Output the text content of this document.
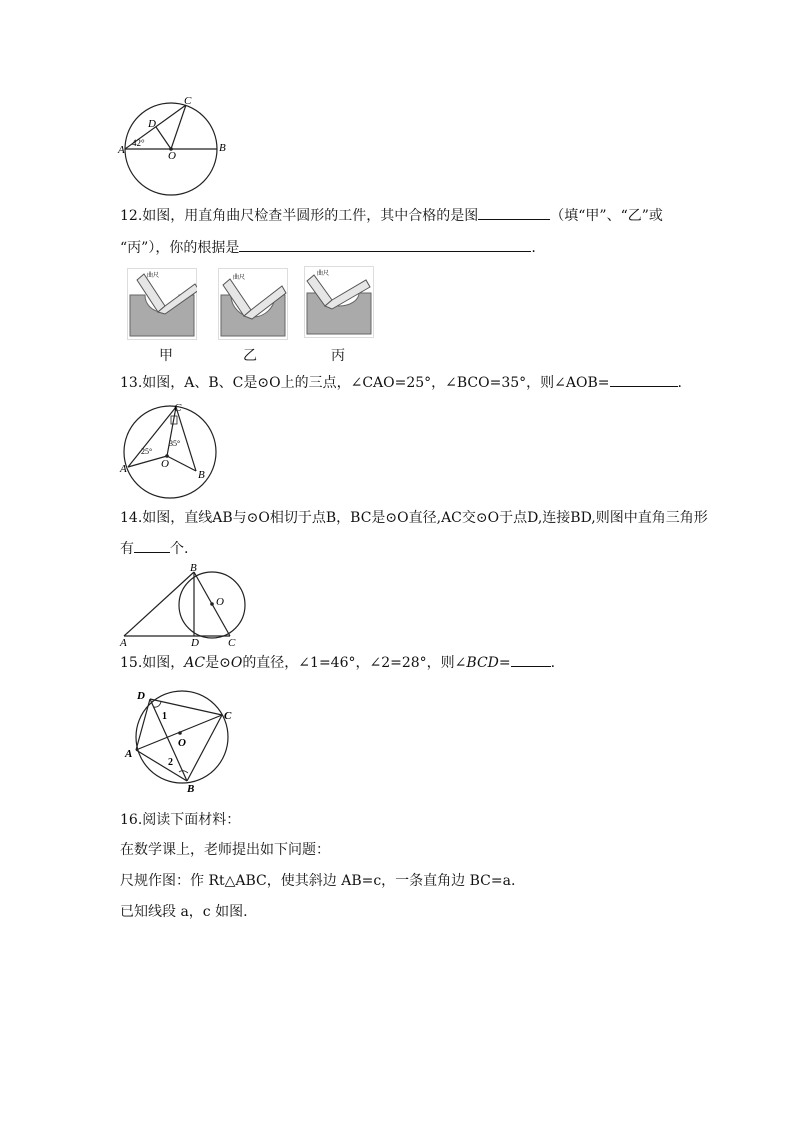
C
D
A	B
O
42°
12.如图，用直角曲尺检查半圆形的工件，其中合格的是图	（填“甲”、“乙”或
“丙”），你的根据是	.
曲尺	曲尺
曲尺
甲	乙	丙
13.如图，A、B、C是⊙O上的三点，∠CAO=25°，∠BCO=35°，则∠AOB=	.
C
A	B
O
25°
35°
14.如图，直线AB与⊙O相切于点B，BC是⊙O直径,AC交⊙O于点D,连接BD,则图中直角三角形
有	个.
B
O
A	D	C
15.如图，AC是⊙O的直径，∠1=46°，∠2=28°，则∠BCD=	.
D
C
A
B
O
1
2
16.阅读下面材料：
在数学课上，老师提出如下问题：
尺规作图：作 Rt△ABC，使其斜边 AB=c，一条直角边 BC=a.
已知线段 a，c 如图.
